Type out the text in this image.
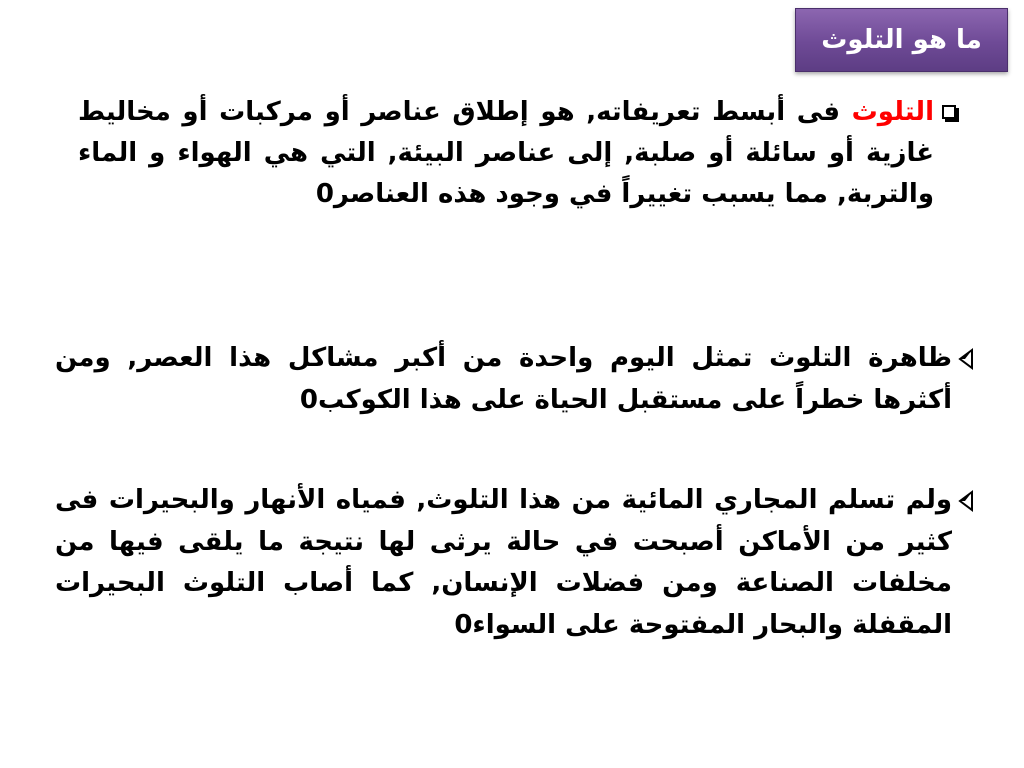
ما هو التلوث
التلوث فى أبسط تعريفاته, هو إطلاق عناصر أو مركبات أو مخاليط غازية أو سائلة أو صلبة, إلى عناصر البيئة, التي هي الهواء و الماء والتربة, مما يسبب تغييراً في وجود هذه العناصر0
ظاهرة التلوث تمثل اليوم واحدة من أكبر مشاكل هذا العصر, ومن أكثرها خطراً على مستقبل الحياة على هذا الكوكب0
ولم تسلم المجاري المائية من هذا التلوث, فمياه الأنهار والبحيرات فى كثير من الأماكن أصبحت في حالة يرثى لها نتيجة ما يلقى فيها من مخلفات الصناعة ومن فضلات الإنسان, كما أصاب التلوث البحيرات المقفلة والبحار المفتوحة على السواء0
